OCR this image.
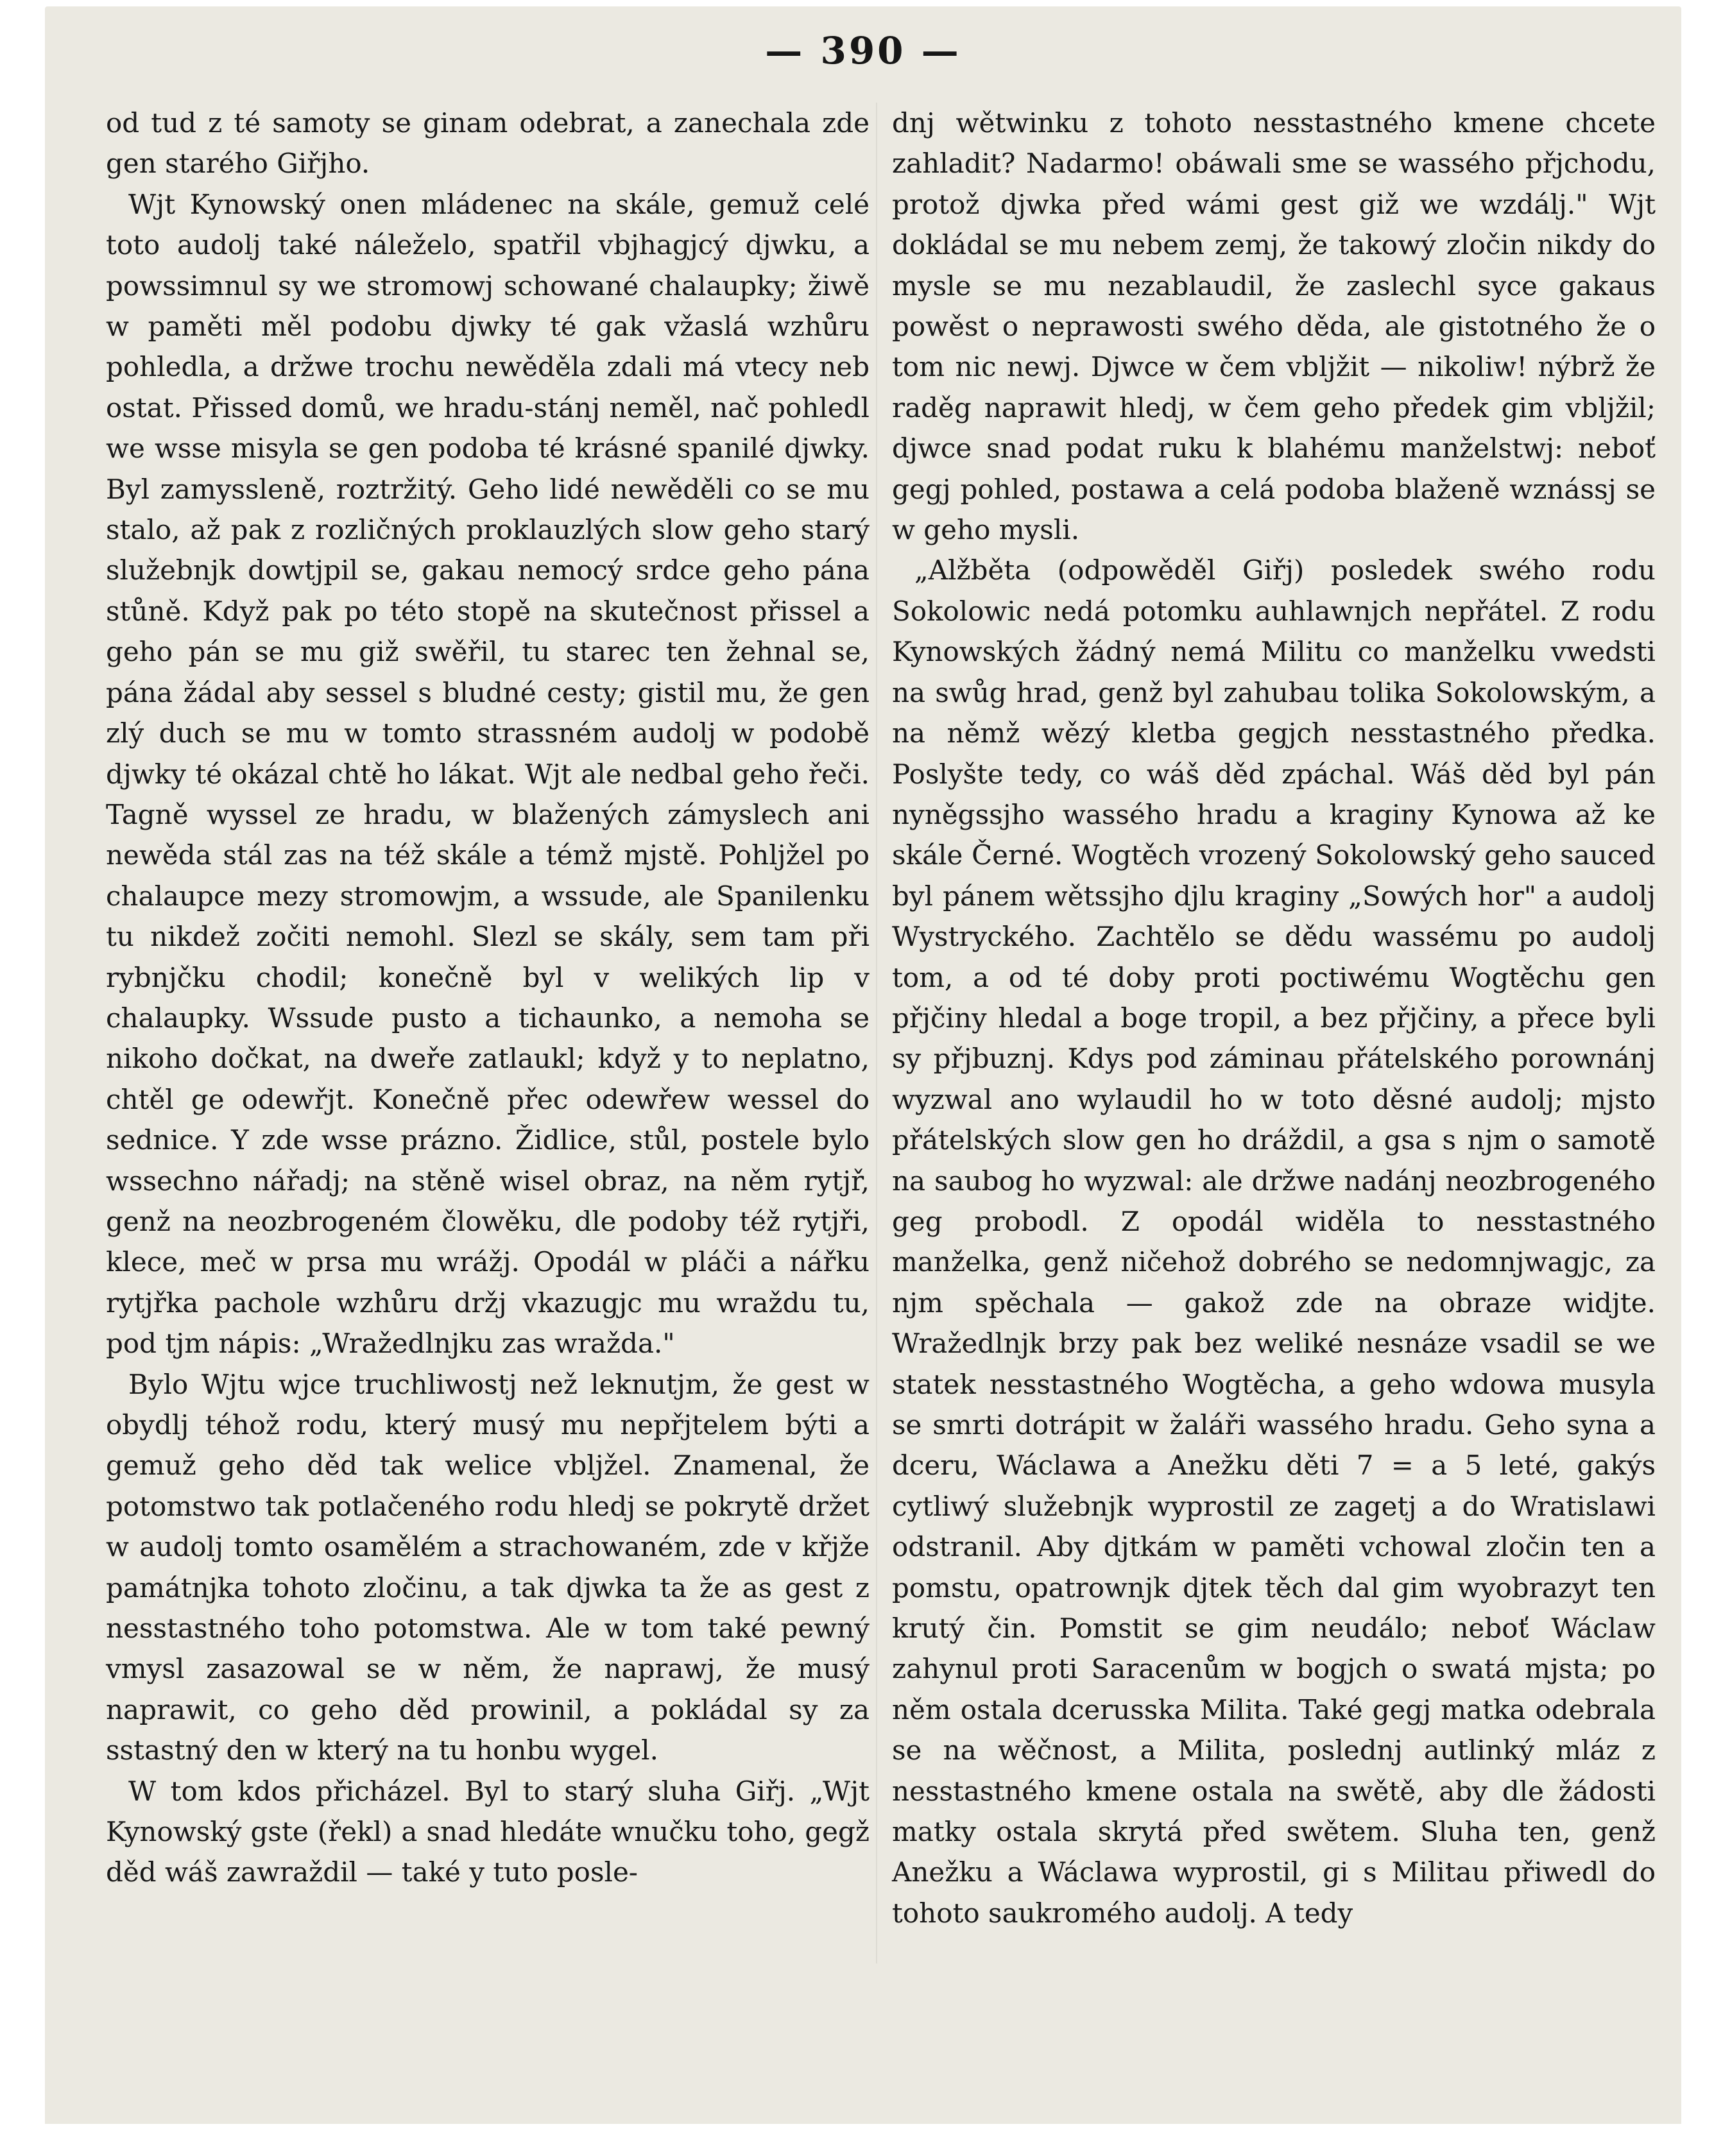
— 390 —

od tud z té samoty se ginam odebrat, a zanechala zde gen starého Giřjho.

Wjt Kynowský onen mládenec na skále, gemuž celé toto audolj také náleželo, spatřil vbjhagjcý djwku, a powssimnul sy we stromowj schowané chalaupky; žiwě w paměti měl podobu djwky té gak vžaslá wzhůru pohledla, a držwe trochu newěděla zdali má vtecy neb ostat. Přissed domů, we hradu-stánj neměl, nač pohledl we wsse misyla se gen podoba té krásné spanilé djwky. Byl zamyssleně, roztržitý. Geho lidé newěděli co se mu stalo, až pak z rozličných proklauzlých slow geho starý služebnjk dowtjpil se, gakau nemocý srdce geho pána stůně. Když pak po této stopě na skutečnost přissel a geho pán se mu giž swěřil, tu starec ten žehnal se, pána žádal aby sessel s bludné cesty; gistil mu, že gen zlý duch se mu w tomto strassném audolj w podobě djwky té okázal chtě ho lákat. Wjt ale nedbal geho řeči. Tagně wyssel ze hradu, w blažených zámyslech ani newěda stál zas na též skále a témž mjstě. Pohljžel po chalaupce mezy stromowjm, a wssude, ale Spanilenku tu nikdež zočiti nemohl. Slezl se skály, sem tam při rybnjčku chodil; konečně byl v welikých lip v chalaupky. Wssude pusto a tichaunko, a nemoha se nikoho dočkat, na dweře zatlaukl; když y to neplatno, chtěl ge odewřjt. Konečně přec odewřew wessel do sednice. Y zde wsse prázno. Židlice, stůl, postele bylo wssechno nářadj; na stěně wisel obraz, na něm rytjř, genž na neozbrogeném člowěku, dle podoby též rytjři, klece, meč w prsa mu wrážj. Opodál w pláči a nářku rytjřka pachole wzhůru držj vkazugjc mu wraždu tu, pod tjm nápis: „Wražedlnjku zas wražda."

Bylo Wjtu wjce truchliwostj než leknutjm, že gest w obydlj téhož rodu, který musý mu nepřjtelem býti a gemuž geho děd tak welice vbljžel. Znamenal, že potomstwo tak potlačeného rodu hledj se pokrytě držet w audolj tomto osamělém a strachowaném, zde v křjže památnjka tohoto zločinu, a tak djwka ta že as gest z nesstastného toho potomstwa. Ale w tom také pewný vmysl zasazowal se w něm, že naprawj, že musý naprawit, co geho děd prowinil, a pokládal sy za sstastný den w který na tu honbu wygel.

W tom kdos přicházel. Byl to starý sluha Giřj. „Wjt Kynowský gste (řekl) a snad hledáte wnučku toho, gegž děd wáš zawraždil — také y tuto posle-

dnj wětwinku z tohoto nesstastného kmene chcete zahladit? Nadarmo! obáwali sme se wassého přjchodu, protož djwka před wámi gest giž we wzdálj." Wjt dokládal se mu nebem zemj, že takowý zločin nikdy do mysle se mu nezablaudil, že zaslechl syce gakaus powěst o neprawosti swého děda, ale gistotného že o tom nic newj. Djwce w čem vbljžit — nikoliw! nýbrž že raděg naprawit hledj, w čem geho předek gim vbljžil; djwce snad podat ruku k blahému manželstwj: neboť gegj pohled, postawa a celá podoba blaženě wznássj se w geho mysli.

„Alžběta (odpowěděl Giřj) posledek swého rodu Sokolowic nedá potomku auhlawnjch nepřátel. Z rodu Kynowských žádný nemá Militu co manželku vwedsti na swůg hrad, genž byl zahubau tolika Sokolowským, a na němž wězý kletba gegjch nesstastného předka. Poslyšte tedy, co wáš děd zpáchal. Wáš děd byl pán nyněgssjho wassého hradu a kraginy Kynowa až ke skále Černé. Wogtěch vrozený Sokolowský geho sauсed byl pánem wětssjho djlu kraginy „Sowých hor" a audolj Wystryckého. Zachtělo se dědu wassému po audolj tom, a od té doby proti poctiwému Wogtěchu gen přjčiny hledal a boge tropil, a bez přjčiny, a přece byli sy přjbuznj. Kdys pod záminau přátelského porownánj wyzwal ano wylaudil ho w toto děsné audolj; mjsto přátelských slow gen ho dráždil, a gsa s njm o samotě na saubog ho wyzwal: ale držwe nadánj neozbrogeného geg probodl. Z opodál widěla to nesstastného manželka, genž ničehož dobrého se nedomnjwagjc, za njm spěchala — gakož zde na obraze widjte. Wražedlnjk brzy pak bez weliké nesnáze vsadil se we statek nesstastného Wogtěcha, a geho wdowa musyla se smrti dotrápit w žaláři wassého hradu. Geho syna a dceru, Wáclawa a Anežku děti 7 = a 5 leté, gakýs cytliwý služebnjk wyprostil ze zagetj a do Wratislawi odstranil. Aby djtkám w paměti vchowal zločin ten a pomstu, opatrownjk djtek těch dal gim wyobrazyt ten krutý čin. Pomstit se gim neudálo; neboť Wáclaw zahynul proti Saracenům w bogjch o swatá mjsta; po něm ostala dcerusska Milita. Také gegj matka odebrala se na wěčnost, a Milita, poslednj autlinký mláz z nesstastného kmene ostala na swětě, aby dle žádosti matky ostala skrytá před swětem. Sluha ten, genž Anežku a Wáclawa wyprostil, gi s Militau přiwedl do tohoto saukromého audolj. A tedy
